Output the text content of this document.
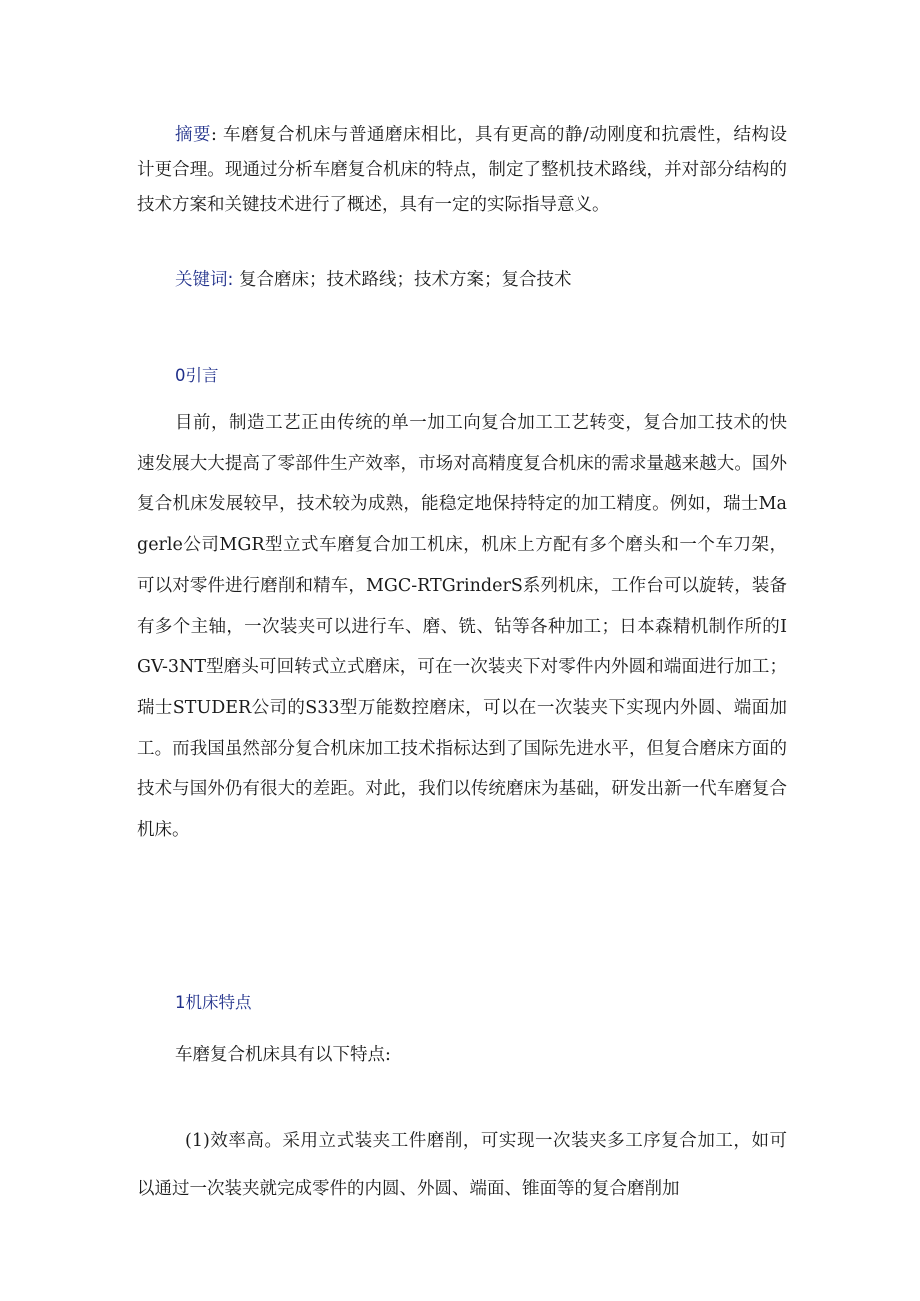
摘要: 车磨复合机床与普通磨床相比，具有更高的静/动刚度和抗震性，结构设计更合理。现通过分析车磨复合机床的特点，制定了整机技术路线，并对部分结构的技术方案和关键技术进行了概述，具有一定的实际指导意义。
关键词: 复合磨床；技术路线；技术方案；复合技术
0引言
目前，制造工艺正由传统的单一加工向复合加工工艺转变，复合加工技术的快速发展大大提高了零部件生产效率，市场对高精度复合机床的需求量越来越大。国外复合机床发展较早，技术较为成熟，能稳定地保持特定的加工精度。例如，瑞士Magerle公司MGR型立式车磨复合加工机床，机床上方配有多个磨头和一个车刀架，可以对零件进行磨削和精车，MGC-RTGrinderS系列机床，工作台可以旋转，装备有多个主轴，一次装夹可以进行车、磨、铣、钻等各种加工；日本森精机制作所的IGV-3NT型磨头可回转式立式磨床，可在一次装夹下对零件内外圆和端面进行加工；瑞士STUDER公司的S33型万能数控磨床，可以在一次装夹下实现内外圆、端面加工。而我国虽然部分复合机床加工技术指标达到了国际先进水平，但复合磨床方面的技术与国外仍有很大的差距。对此，我们以传统磨床为基础，研发出新一代车磨复合机床。
1机床特点
车磨复合机床具有以下特点:
(1)效率高。采用立式装夹工件磨削，可实现一次装夹多工序复合加工，如可以通过一次装夹就完成零件的内圆、外圆、端面、锥面等的复合磨削加
